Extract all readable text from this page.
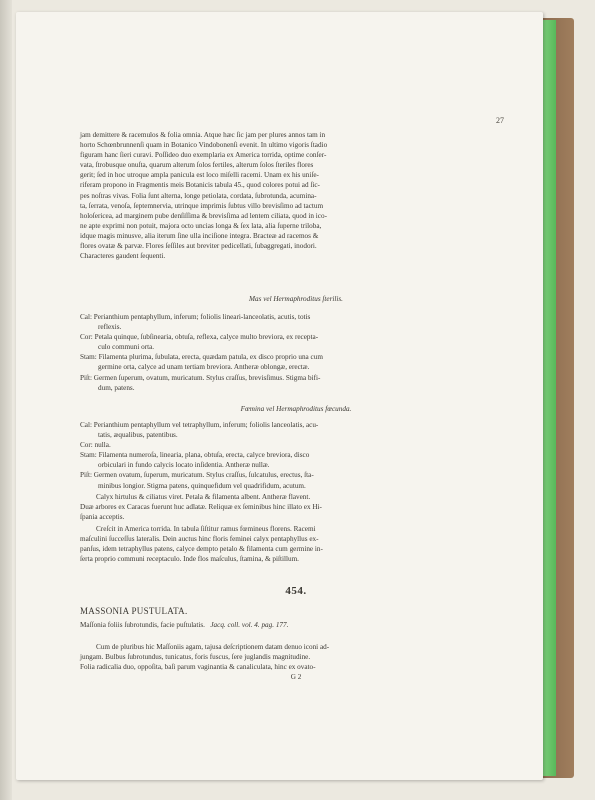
27

jam demittere & racemulos & folia omnia. Atque hæc ſic jam per plures annos tam in

horto Schœnbrunnenſi quam in Botanico Vindobonenſi evenit. In ultimo vigoris ſtadio

figuram hanc ſieri curavi. Poſſideo duo exemplaria ex America torrida, optime conſer-

vata, ſtrobusque onuſta, quarum alterum ſolos fertiles, alterum ſolos ſteriles flores

gerit; ſed in hoc utroque ampla panicula est loco miſelli racemi. Unam ex his uniſe-

riferam propono in Fragmentis meis Botanicis tabula 45., quod colores potui ad ſic-

pes noſtras vivas. Folia ſunt alterna, longe petiolata, cordata, ſubrotunda, acumina-

ta, ſerrata, venoſa, ſeptemnervia, utrinque imprimis ſubtus villo brevisſimo ad tactum

holoſericea, ad marginem pube denſiſſima & brevisſima ad lentem ciliata, quod in ico-

ne apte exprimi non potuit, majora octo uncias longa & ſex lata, alia ſuperne triloba,

idque magis minusve, alia iterum ſine ulla inciſione integra. Bracteæ ad racemos &

flores ovatæ & parvæ. Flores ſeſſiles aut breviter pedicellati, ſubaggregati, inodori.

Characteres gaudent ſequenti.

Mas vel Hermaphroditus ſterilis.

Cal: Perianthium pentaphyllum, inferum; foliolis lineari-lanceolatis, acutis, totis

reflexis.

Cor: Petala quinque, ſubſinearia, obtuſa, reflexa, calyce multo breviora, ex recepta-

culo communi orta.

Stam: Filamenta plurima, ſubulata, erecta, quædam patula, ex disco proprio una cum

germine orta, calyce ad unam tertiam breviora. Antheræ oblongæ, erectæ.

Piſt: Germen ſuperum, ovatum, muricatum. Stylus craſſus, brevisſimus. Stigma bifi-

dum, patens.

Fœmina vel Hermaphroditus fœcunda.

Cal: Perianthium pentaphyllum vel tetraphyllum, inferum; foliolis lanceolatis, acu-

tatis, æqualibus, patentibus.

Cor: nulla.

Stam: Filamenta numeroſa, linearia, plana, obtuſa, erecta, calyce breviora, disco

orbiculari in fundo calycis locato inſidentia. Antheræ nullæ.

Piſt: Germen ovatum, ſuperum, muricatum. Stylus craſſus, ſulcatulus, erectus, ſta-

minibus longior. Stigma patens, quinquefidum vel quadrifidum, acutum.

Calyx hirtulus & ciliatus viret. Petala & filamenta albent. Antheræ flavent.

Duæ arbores ex Caracas fuerunt huc adlatæ. Reliquæ ex ſeminibus hinc illato ex Hi-

ſpania acceptis.

Creſcit in America torrida. In tabula ſiſtitur ramus fœmineus florens. Racemi

maſculini ſucceſſus lateralis. Dein auctus hinc floris feminei calyx pentaphyllus ex-

panſus, idem tetraphyllus patens, calyce dempto petalo & filamenta cum germine in-

ſerta proprio communi receptaculo. Inde flos maſculus, ſtamina, & piſtillum.

454.

MASSONIA PUSTULATA.

Maſſonia foliis ſubrotundis, facie puſtulatis. Jacq. coll. vol. 4. pag. 177.

Cum de pluribus hic Maſſoniis agam, tajusa deſcriptionem datam denuo iconi ad-

jungam. Bulbus ſubrotundus, tunicatus, foris fuscus, ſere juglandis magnitudine.

Folia radicalia duo, oppoſita, baſi parum vaginantia & canaliculata, hinc ex ovato-

G 2
